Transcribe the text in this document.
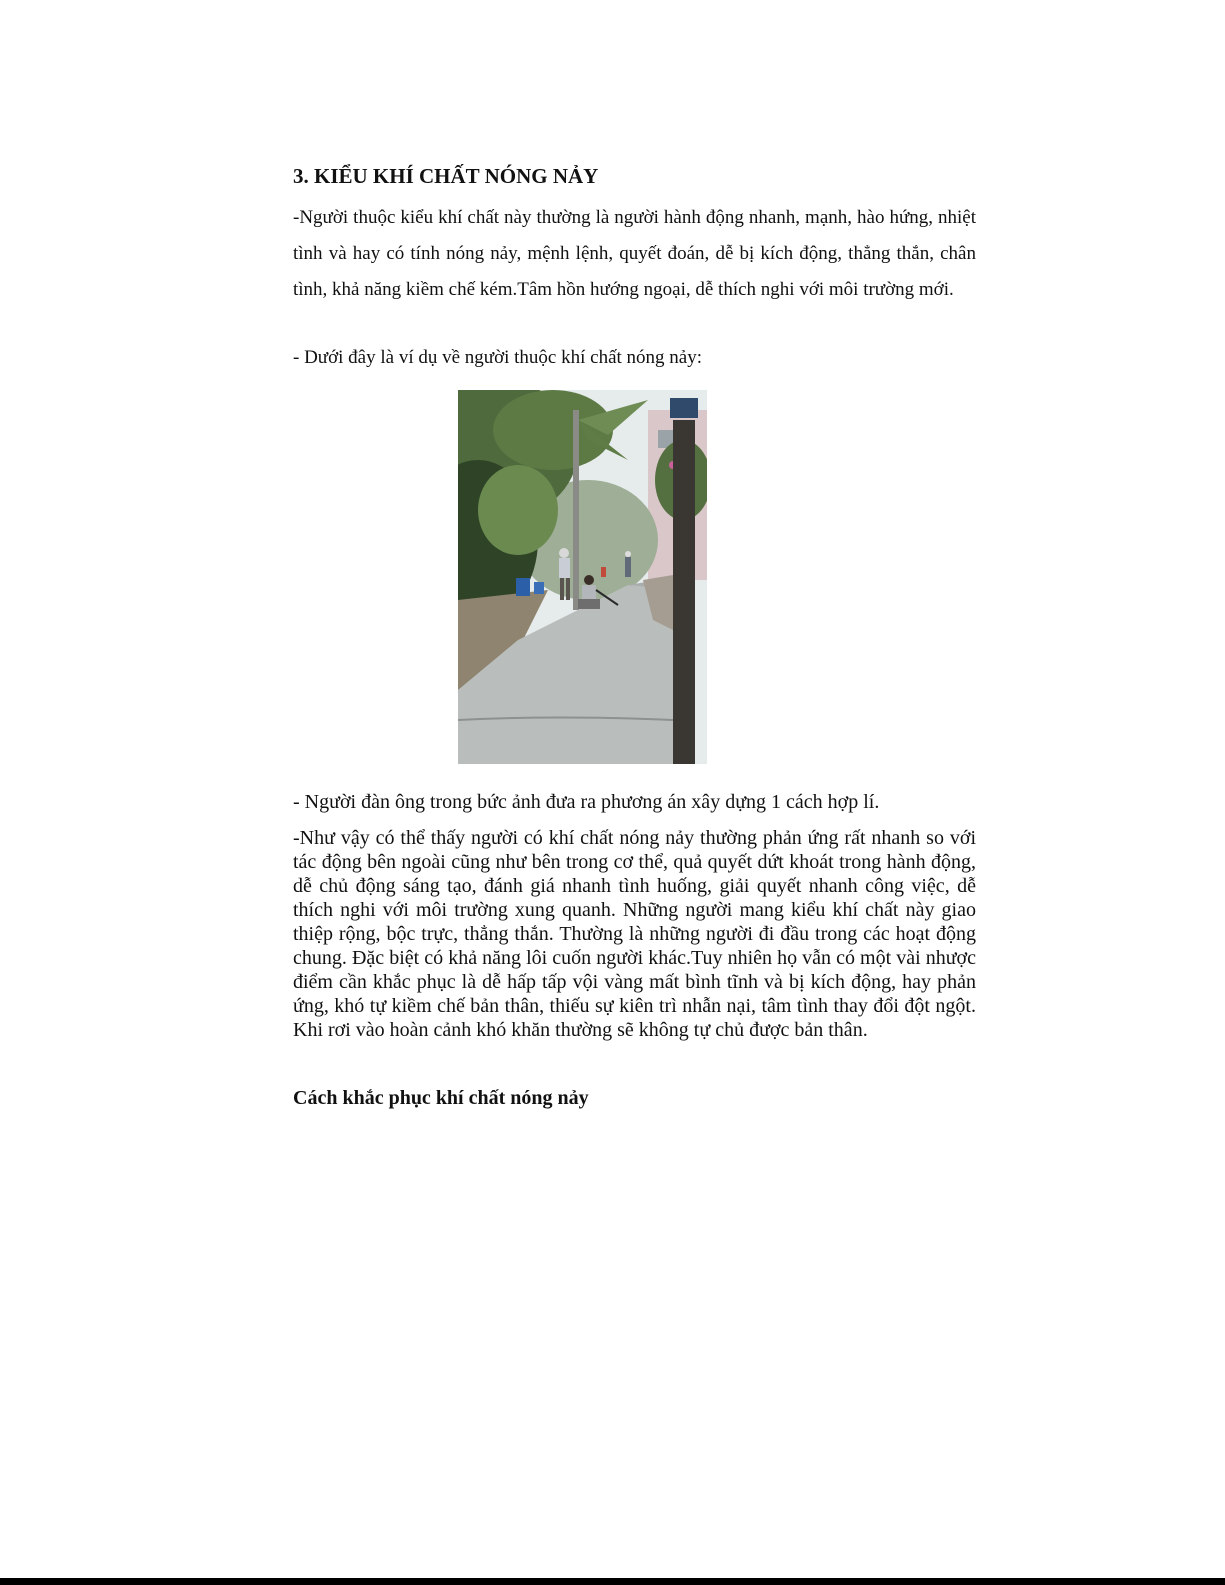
3. KIỂU KHÍ CHẤT NÓNG NẢY

-Người thuộc kiểu khí chất này thường là người hành động nhanh, mạnh, hào hứng, nhiệt tình và hay có tính nóng nảy, mệnh lệnh, quyết đoán, dễ bị kích động, thẳng thắn, chân tình, khả năng kiềm chế kém.Tâm hồn hướng ngoại, dễ thích nghi với môi trường mới.

- Dưới đây là ví dụ về người thuộc khí chất nóng nảy:

- Người đàn ông trong bức ảnh đưa ra phương án xây dựng 1 cách hợp lí.

-Như vậy có thể thấy người có khí chất nóng nảy thường phản ứng rất nhanh so với tác động bên ngoài cũng như bên trong cơ thể, quả quyết dứt khoát trong hành động, dễ chủ động sáng tạo, đánh giá nhanh tình huống, giải quyết nhanh công việc, dễ thích nghi với môi trường xung quanh. Những người mang kiểu khí chất này giao thiệp rộng, bộc trực, thẳng thắn. Thường là những người đi đầu trong các hoạt động chung. Đặc biệt có khả năng lôi cuốn người khác.Tuy nhiên họ vẫn có một vài nhược điểm cần khắc phục là dễ hấp tấp vội vàng mất bình tĩnh và bị kích động, hay phản ứng, khó tự kiềm chế bản thân, thiếu sự kiên trì nhẫn nại, tâm tình thay đổi đột ngột. Khi rơi vào hoàn cảnh khó khăn thường sẽ không tự chủ được bản thân.

Cách khắc phục khí chất nóng nảy
